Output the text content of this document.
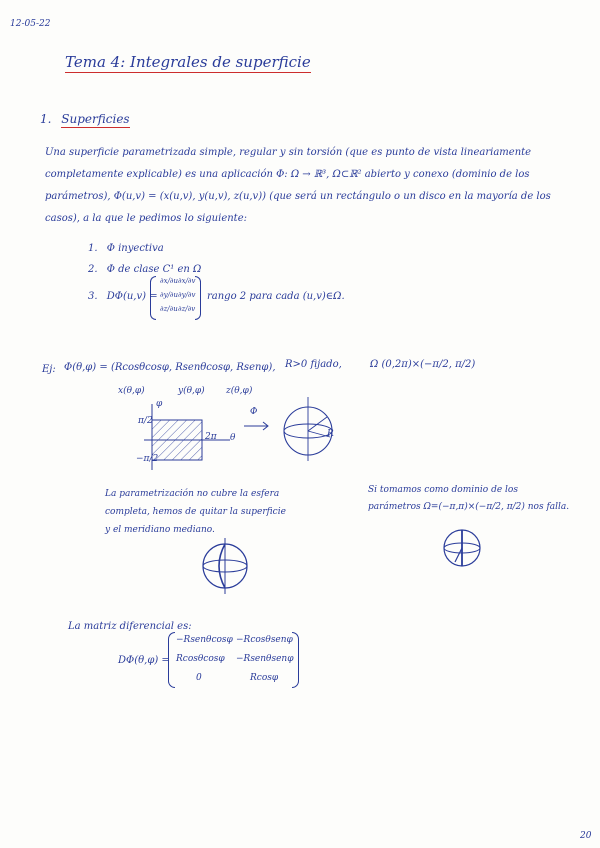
12-05-22
Tema 4: Integrales de superficie
1. Superficies
Una superficie parametrizada simple, regular y sin torsión (que es punto de vista lineariamente
completamente explicable) es una aplicación Φ: Ω → ℝ³, Ω⊂ℝ² abierto y conexo (dominio de los
parámetros), Φ(u,v) = (x(u,v), y(u,v), z(u,v)) (que será un rectángulo o un disco en la mayoría de los
casos), a la que le pedimos lo siguiente:
1. Φ inyectiva
2. Φ de clase C¹ en Ω
3. DΦ(u,v) =
∂x/∂u ∂x/∂v
∂y/∂u ∂y/∂v
∂z/∂u ∂z/∂v
rango 2 para cada (u,v)∈Ω.
Ej: Φ(θ,φ) = (Rcosθcosφ, Rsenθcosφ, Rsenφ), R>0 fijado,	Ω (0,2π)×(−π/2, π/2)
x(θ,φ)	y(θ,φ) z(θ,φ)
φ
π/2
−π/2
2π θ
Φ
R
La parametrización no cubre la esfera
completa, hemos de quitar la superficie
y el meridiano mediano.
Si tomamos como dominio de los
parámetros Ω=(−π,π)×(−π/2, π/2) nos falla.
La matriz diferencial es:
DΦ(θ,φ) =
−Rsenθcosφ −Rcosθsenφ
Rcosθcosφ −Rsenθsenφ
0	Rcosφ
20
